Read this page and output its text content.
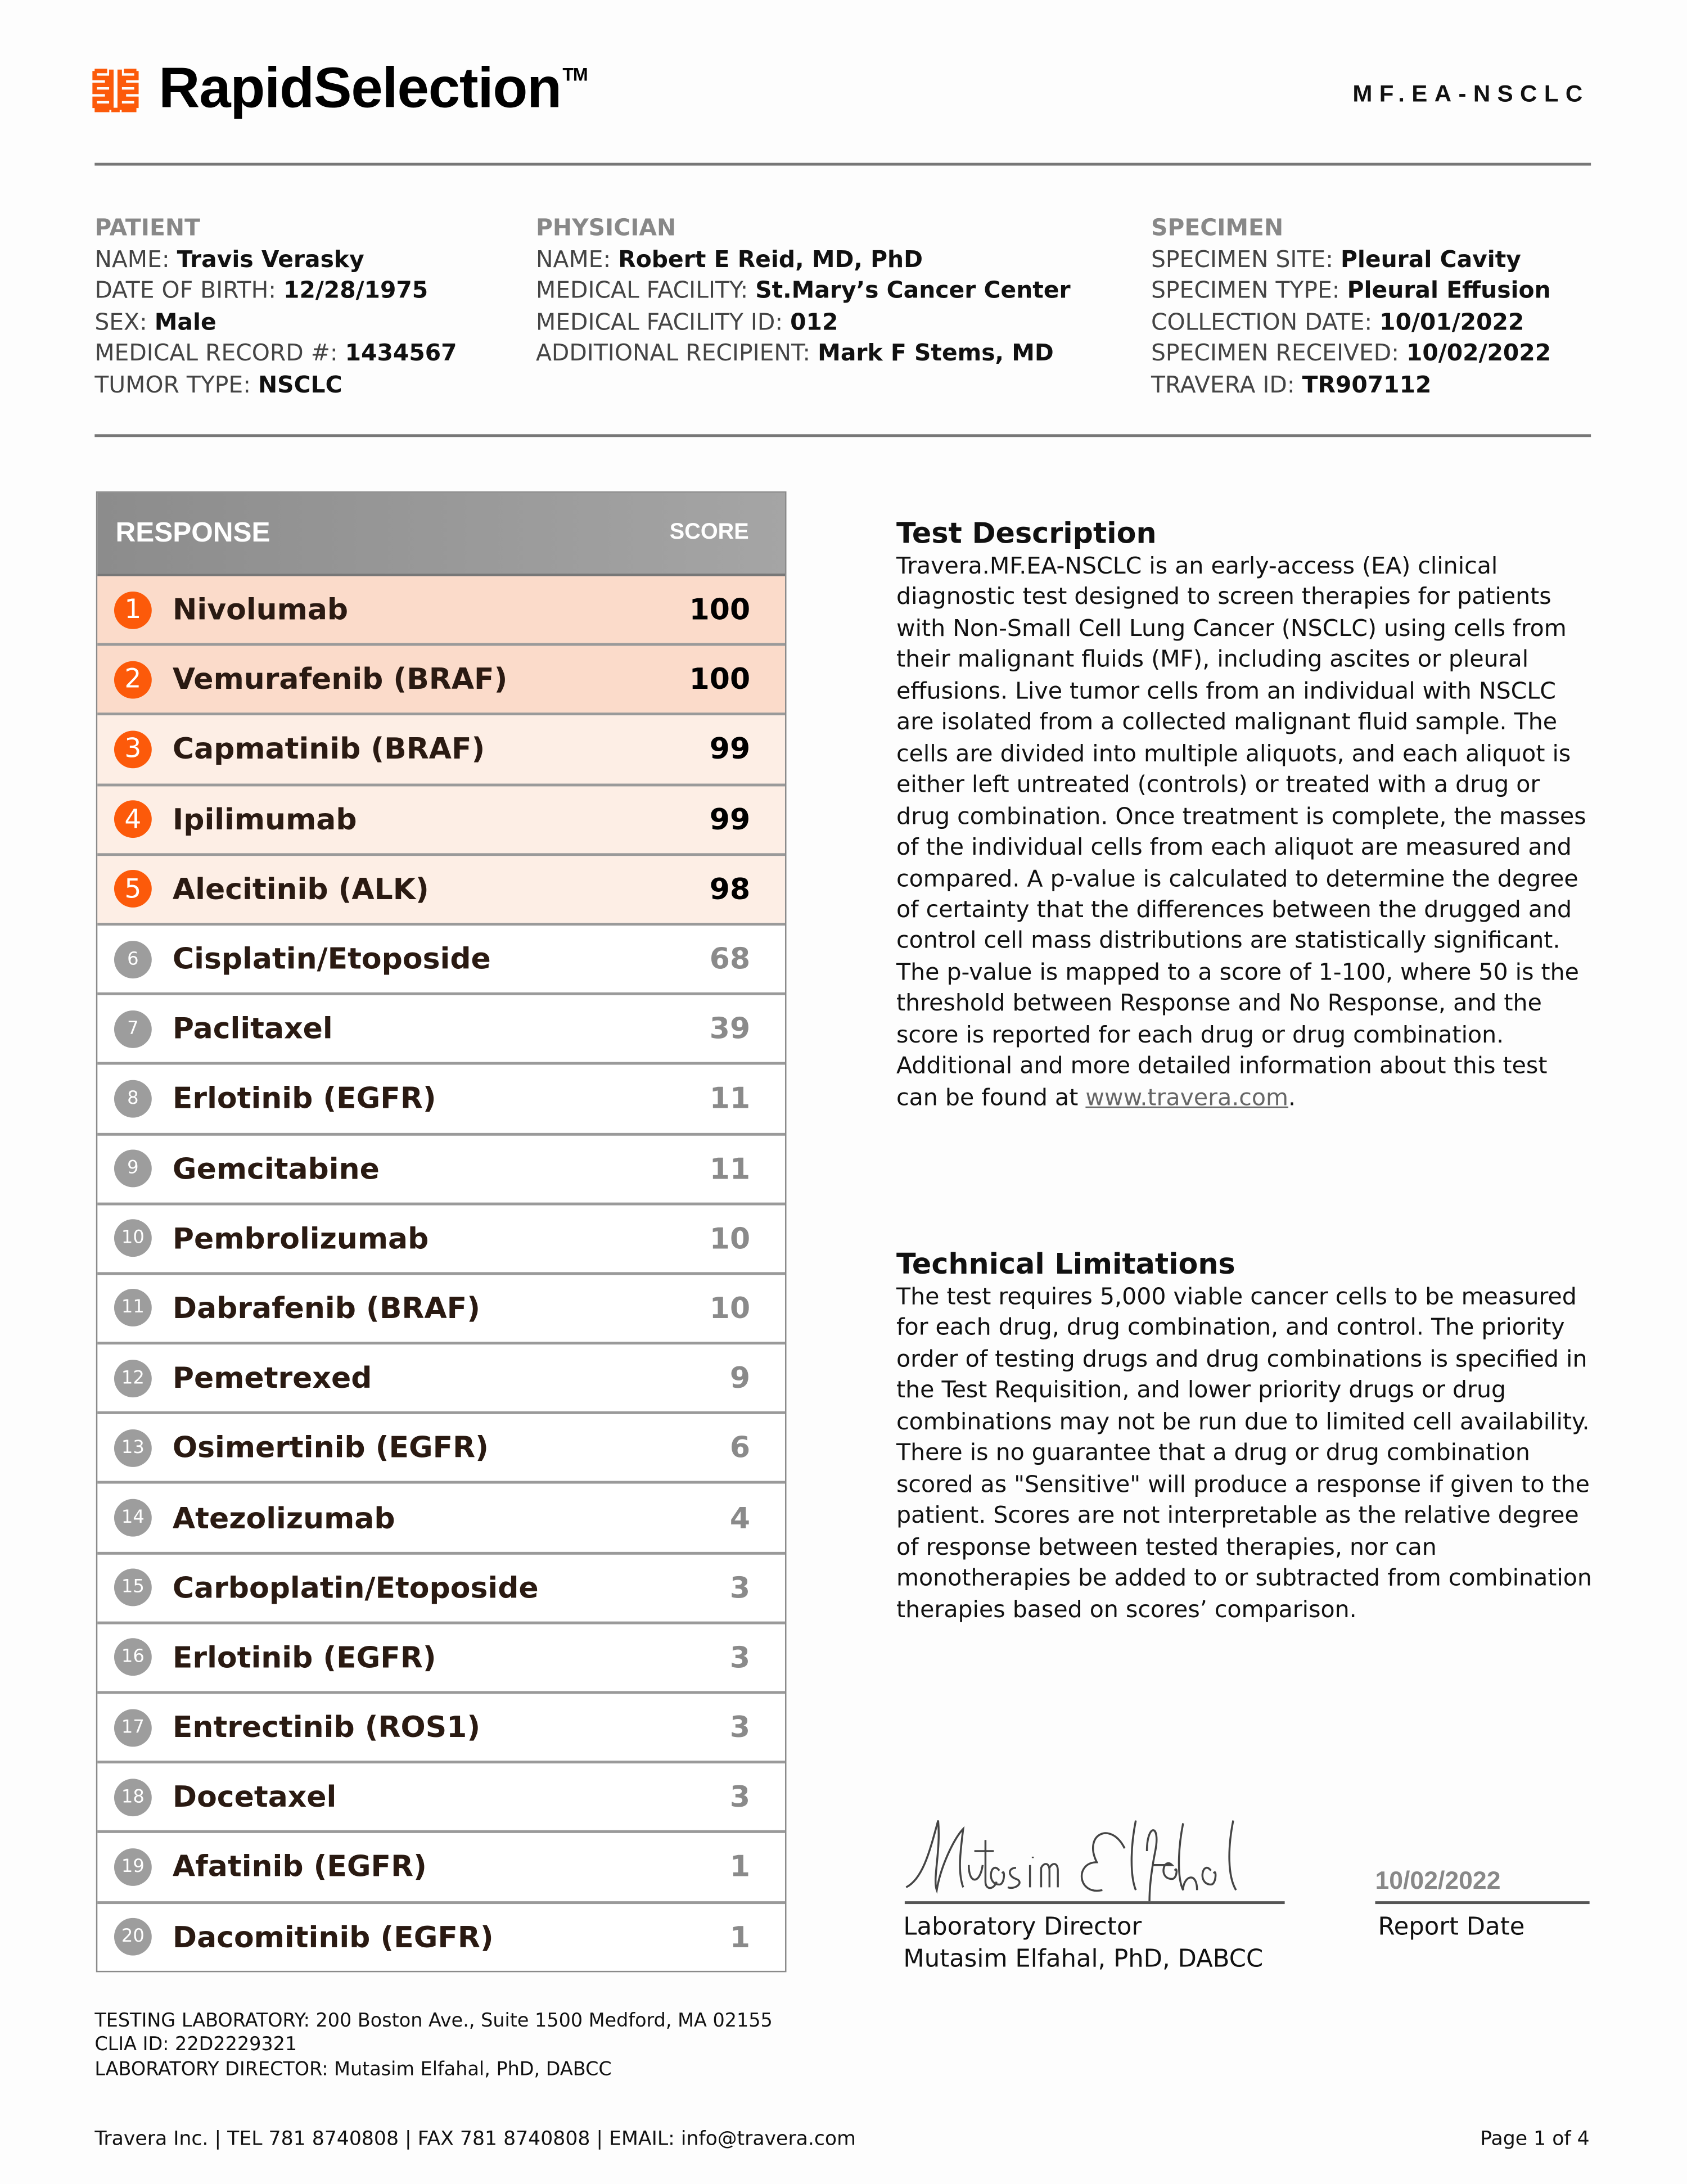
RapidSelection ™
MF.EA-NSCLC
PATIENT
NAME: Travis Verasky
DATE OF BIRTH: 12/28/1975
SEX: Male
MEDICAL RECORD #: 1434567
TUMOR TYPE: NSCLC
PHYSICIAN
NAME: Robert E Reid, MD, PhD
MEDICAL FACILITY: St.Mary’s Cancer Center
MEDICAL FACILITY ID: 012
ADDITIONAL RECIPIENT: Mark F Stems, MD
SPECIMEN
SPECIMEN SITE: Pleural Cavity
SPECIMEN TYPE: Pleural Effusion
COLLECTION DATE: 10/01/2022
SPECIMEN RECEIVED: 10/02/2022
TRAVERA ID: TR907112
RESPONSE	SCORE
1	Nivolumab	100
2	Vemurafenib (BRAF)	100
3	Capmatinib (BRAF)	99
4	Ipilimumab	99
5	Alecitinib (ALK)	98
6	Cisplatin/Etoposide	68
7	Paclitaxel	39
8	Erlotinib (EGFR)	11
9	Gemcitabine	11
10	Pembrolizumab	10
11	Dabrafenib (BRAF)	10
12	Pemetrexed	9
13	Osimertinib (EGFR)	6
14	Atezolizumab	4
15	Carboplatin/Etoposide	3
16	Erlotinib (EGFR)	3
17	Entrectinib (ROS1)	3
18	Docetaxel	3
19	Afatinib (EGFR)	1
20	Dacomitinib (EGFR)	1
Test Description
Travera.MF.EA-NSCLC is an early-access (EA) clinical diagnostic test designed to screen therapies for patients with Non-Small Cell Lung Cancer (NSCLC) using cells from their malignant fluids (MF), including ascites or pleural effusions. Live tumor cells from an individual with NSCLC are isolated from a collected malignant fluid sample. The cells are divided into multiple aliquots, and each aliquot is either left untreated (controls) or treated with a drug or drug combination. Once treatment is complete, the masses of the individual cells from each aliquot are measured and compared. A p-value is calculated to determine the degree of certainty that the differences between the drugged and control cell mass distributions are statistically significant. The p-value is mapped to a score of 1-100, where 50 is the threshold between Response and No Response, and the score is reported for each drug or drug combination. Additional and more detailed information about this test can be found at www.travera.com.
Technical Limitations
The test requires 5,000 viable cancer cells to be measured for each drug, drug combination, and control. The priority order of testing drugs and drug combinations is specified in the Test Requisition, and lower priority drugs or drug combinations may not be run due to limited cell availability. There is no guarantee that a drug or drug combination scored as "Sensitive" will produce a response if given to the patient. Scores are not interpretable as the relative degree of response between tested therapies, nor can monotherapies be added to or subtracted from combination therapies based on scores’ comparison.
Laboratory Director
Mutasim Elfahal, PhD, DABCC
10/02/2022
Report Date
TESTING LABORATORY: 200 Boston Ave., Suite 1500 Medford, MA 02155
CLIA ID: 22D2229321
LABORATORY DIRECTOR: Mutasim Elfahal, PhD, DABCC
Travera Inc. | TEL 781 8740808 | FAX 781 8740808 | EMAIL: info@travera.com	Page 1 of 4
